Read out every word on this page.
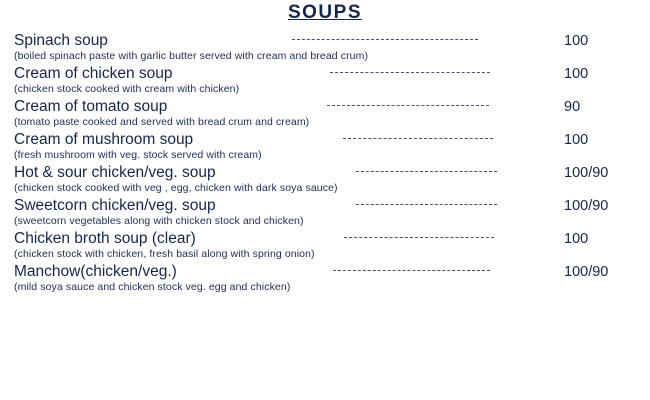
SOUPS
Spinach soup	100
(boiled spinach paste with garlic butter served with cream and bread crum)
Cream of chicken soup	100
(chicken stock cooked with cream with chicken)
Cream of tomato soup	90
(tomato paste cooked and served with bread crum and cream)
Cream of mushroom soup	100
(fresh mushroom with veg. stock served with cream)
Hot & sour chicken/veg. soup	100/90
(chicken stock cooked with veg , egg, chicken with dark soya sauce)
Sweetcorn chicken/veg. soup	100/90
(sweetcorn vegetables along with chicken stock and chicken)
Chicken broth soup (clear)	100
(chicken stock with chicken, fresh basil along with spring onion)
Manchow(chicken/veg.)	100/90
(mild soya sauce and chicken stock veg. egg and chicken)
